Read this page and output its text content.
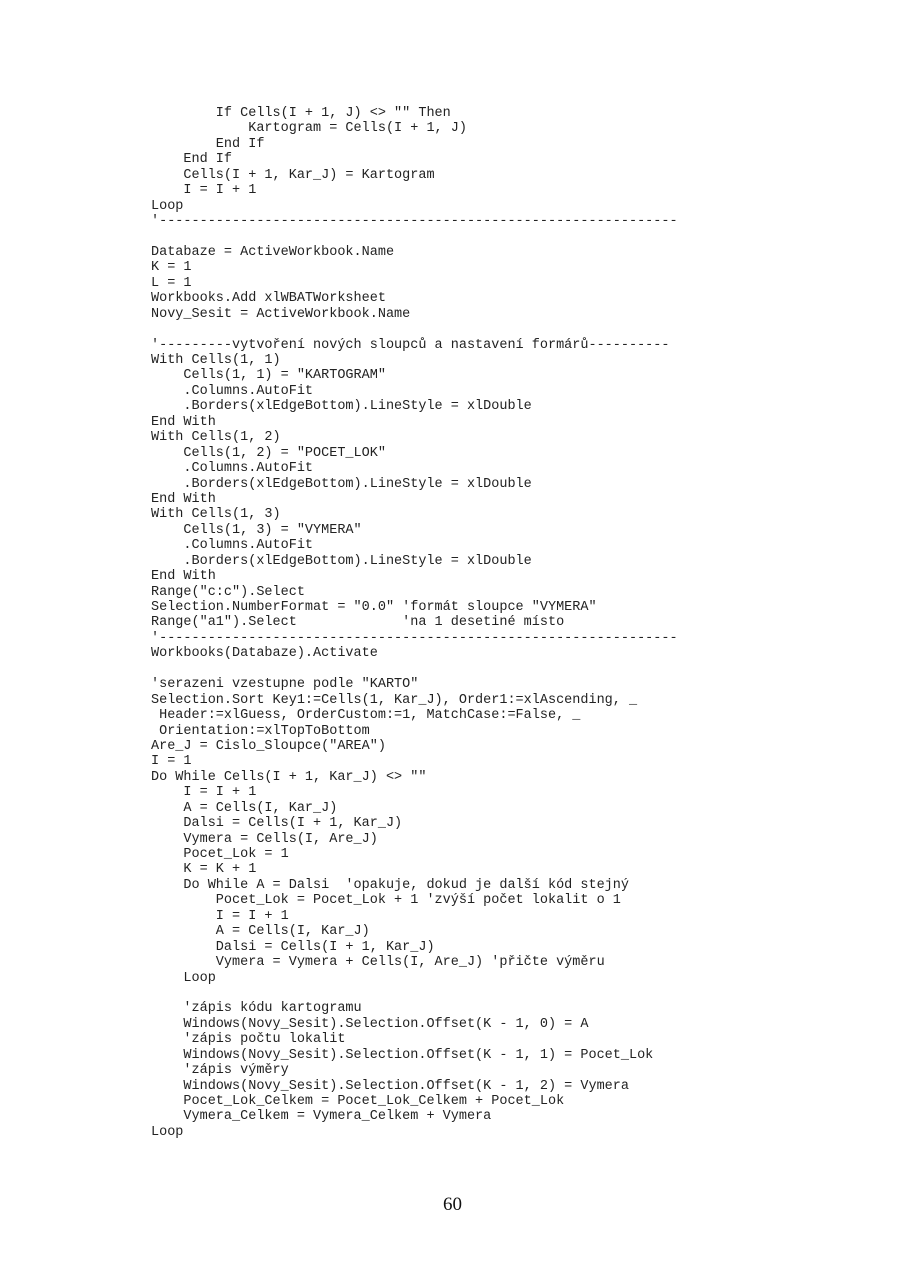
If Cells(I + 1, J) <> "" Then
Kartogram = Cells(I + 1, J)
End If
End If
Cells(I + 1, Kar_J) = Kartogram
I = I + 1
Loop
'----------------------------------------------------------------
Databaze = ActiveWorkbook.Name
K = 1
L = 1
Workbooks.Add xlWBATWorksheet
Novy_Sesit = ActiveWorkbook.Name
'---------vytvoření nových sloupců a nastavení formárů----------
With Cells(1, 1)
Cells(1, 1) = "KARTOGRAM"
.Columns.AutoFit
.Borders(xlEdgeBottom).LineStyle = xlDouble
End With
With Cells(1, 2)
Cells(1, 2) = "POCET_LOK"
.Columns.AutoFit
.Borders(xlEdgeBottom).LineStyle = xlDouble
End With
With Cells(1, 3)
Cells(1, 3) = "VYMERA"
.Columns.AutoFit
.Borders(xlEdgeBottom).LineStyle = xlDouble
End With
Range("c:c").Select
Selection.NumberFormat = "0.0" 'formát sloupce "VYMERA"
Range("a1").Select             'na 1 desetiné místo
'----------------------------------------------------------------
Workbooks(Databaze).Activate
'serazeni vzestupne podle "KARTO"
Selection.Sort Key1:=Cells(1, Kar_J), Order1:=xlAscending, _
Header:=xlGuess, OrderCustom:=1, MatchCase:=False, _
Orientation:=xlTopToBottom
Are_J = Cislo_Sloupce("AREA")
I = 1
Do While Cells(I + 1, Kar_J) <> ""
I = I + 1
A = Cells(I, Kar_J)
Dalsi = Cells(I + 1, Kar_J)
Vymera = Cells(I, Are_J)
Pocet_Lok = 1
K = K + 1
Do While A = Dalsi  'opakuje, dokud je další kód stejný
Pocet_Lok = Pocet_Lok + 1 'zvýší počet lokalit o 1
I = I + 1
A = Cells(I, Kar_J)
Dalsi = Cells(I + 1, Kar_J)
Vymera = Vymera + Cells(I, Are_J) 'přičte výměru
Loop
'zápis kódu kartogramu
Windows(Novy_Sesit).Selection.Offset(K - 1, 0) = A
'zápis počtu lokalit
Windows(Novy_Sesit).Selection.Offset(K - 1, 1) = Pocet_Lok
'zápis výměry
Windows(Novy_Sesit).Selection.Offset(K - 1, 2) = Vymera
Pocet_Lok_Celkem = Pocet_Lok_Celkem + Pocet_Lok
Vymera_Celkem = Vymera_Celkem + Vymera
Loop
60
